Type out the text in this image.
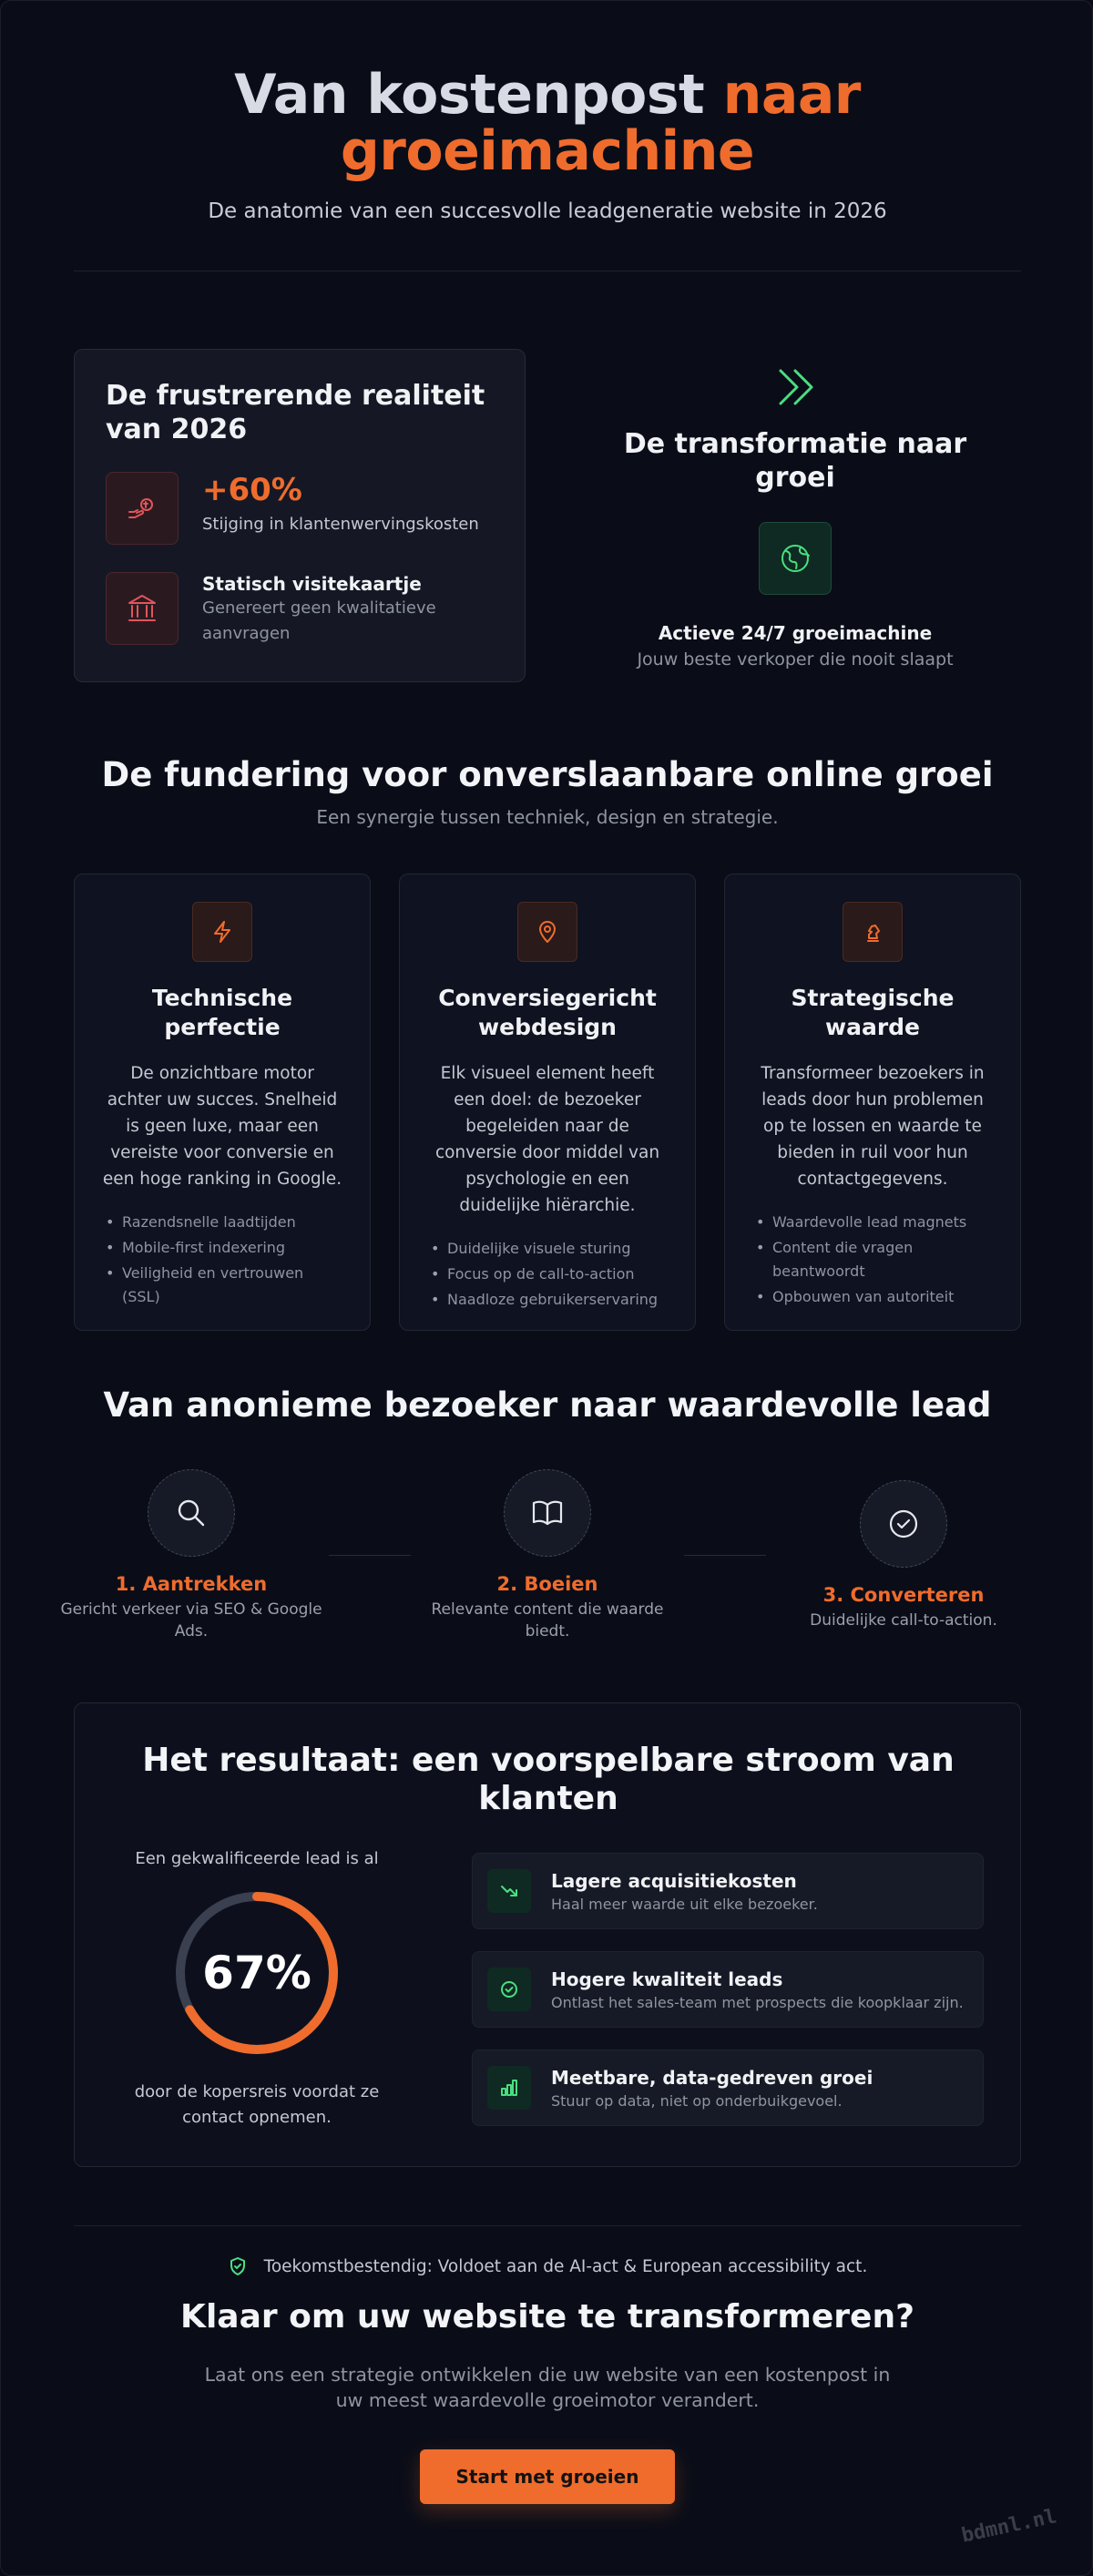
Van kostenpost naar
groeimachine
De anatomie van een succesvolle leadgeneratie website in 2026
De frustrerende realiteit van 2026
+60%
Stijging in klantenwervingskosten
Statisch visitekaartje
Genereert geen kwalitatieve aanvragen
De transformatie naar groei
Actieve 24/7 groeimachine
Jouw beste verkoper die nooit slaapt
De fundering voor onverslaanbare online groei
Een synergie tussen techniek, design en strategie.
Technische perfectie

De onzichtbare motor achter uw succes. Snelheid is geen luxe, maar een vereiste voor conversie en een hoge ranking in Google.

• Razendsnelle laadtijden
• Mobile-first indexering
• Veiligheid en vertrouwen (SSL)
Conversiegericht webdesign

Elk visueel element heeft een doel: de bezoeker begeleiden naar de conversie door middel van psychologie en een duidelijke hiërarchie.

• Duidelijke visuele sturing
• Focus op de call-to-action
• Naadloze gebruikerservaring
Strategische waarde

Transformeer bezoekers in leads door hun problemen op te lossen en waarde te bieden in ruil voor hun contactgegevens.

• Waardevolle lead magnets
• Content die vragen beantwoordt
• Opbouwen van autoriteit
Van anonieme bezoeker naar waardevolle lead
1. Aantrekken
Gericht verkeer via SEO & Google Ads.
2. Boeien
Relevante content die waarde biedt.
3. Converteren
Duidelijke call-to-action.
Het resultaat: een voorspelbare stroom van klanten
Een gekwalificeerde lead is al
67%
door de kopersreis voordat ze contact opnemen.
Lagere acquisitiekosten
Haal meer waarde uit elke bezoeker.
Hogere kwaliteit leads
Ontlast het sales-team met prospects die koopklaar zijn.
Meetbare, data-gedreven groei
Stuur op data, niet op onderbuikgevoel.
Toekomstbestendig: Voldoet aan de AI-act & European accessibility act.
Klaar om uw website te transformeren?
Laat ons een strategie ontwikkelen die uw website van een kostenpost in uw meest waardevolle groeimotor verandert.
Start met groeien
bdmnl.nl
